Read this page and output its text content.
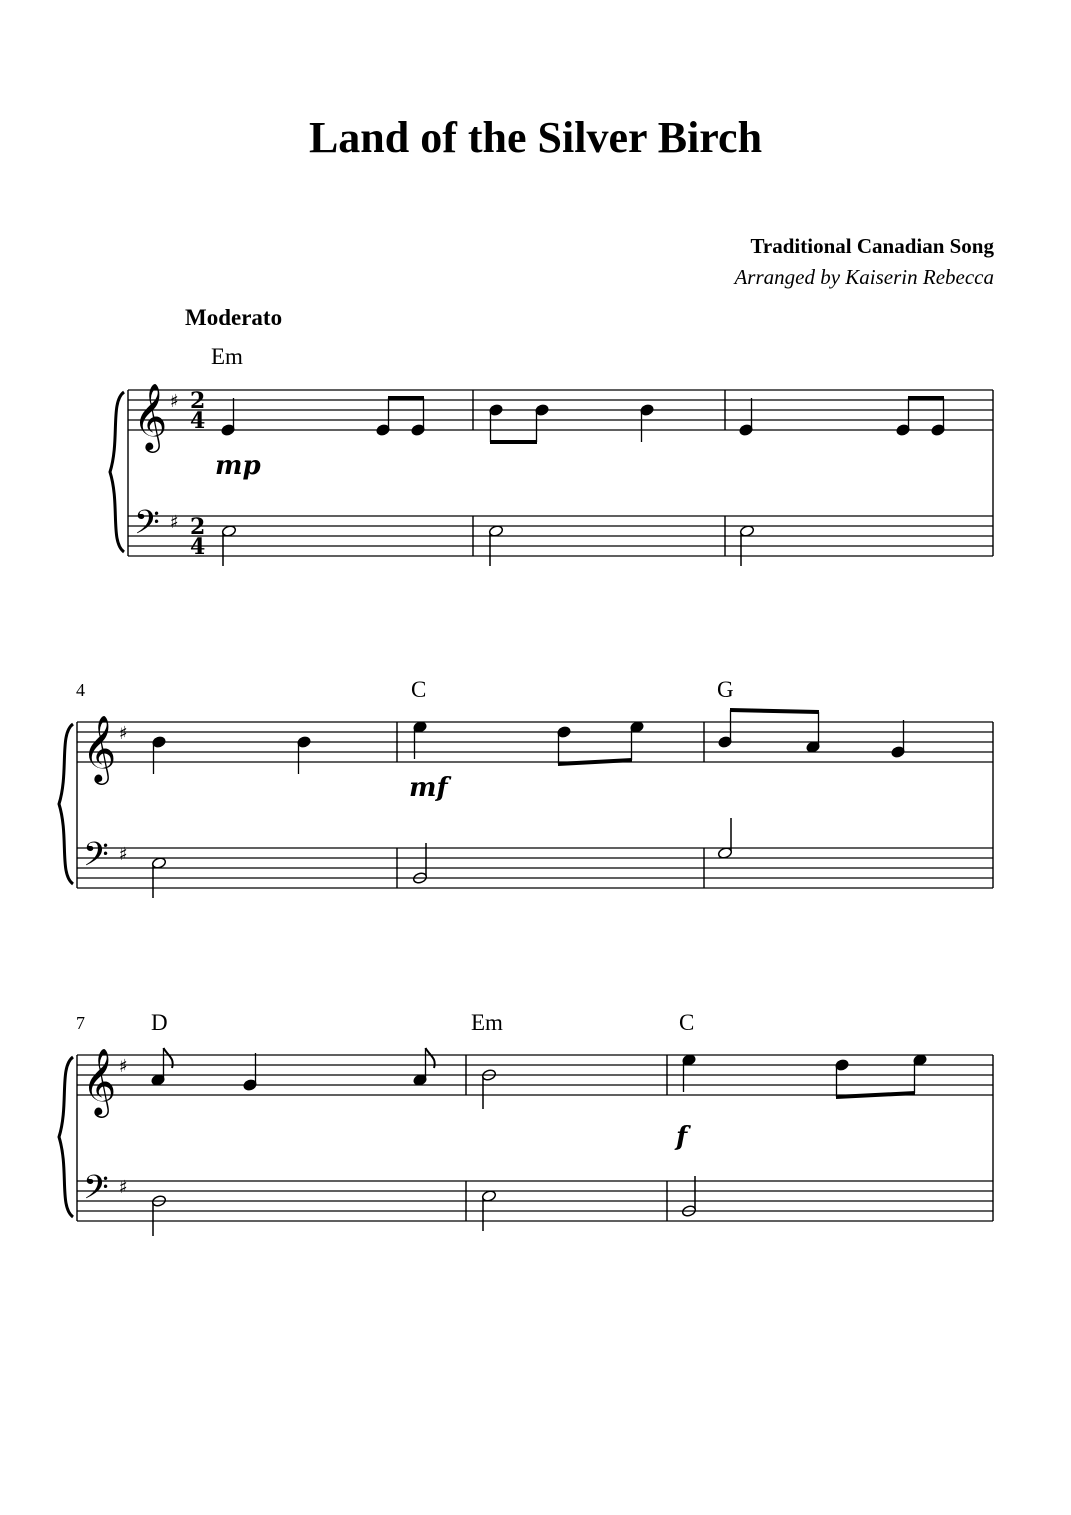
Land of the Silver Birch
Traditional Canadian Song
Arranged by Kaiserin Rebecca
Moderato
Em
𝄞
𝄢
♯
♯
2
4
2
4
mp
4	C	G
𝄞
𝄢
♯
♯
mf
7	D	Em	C
𝄞
𝄢
♯
♯
f
